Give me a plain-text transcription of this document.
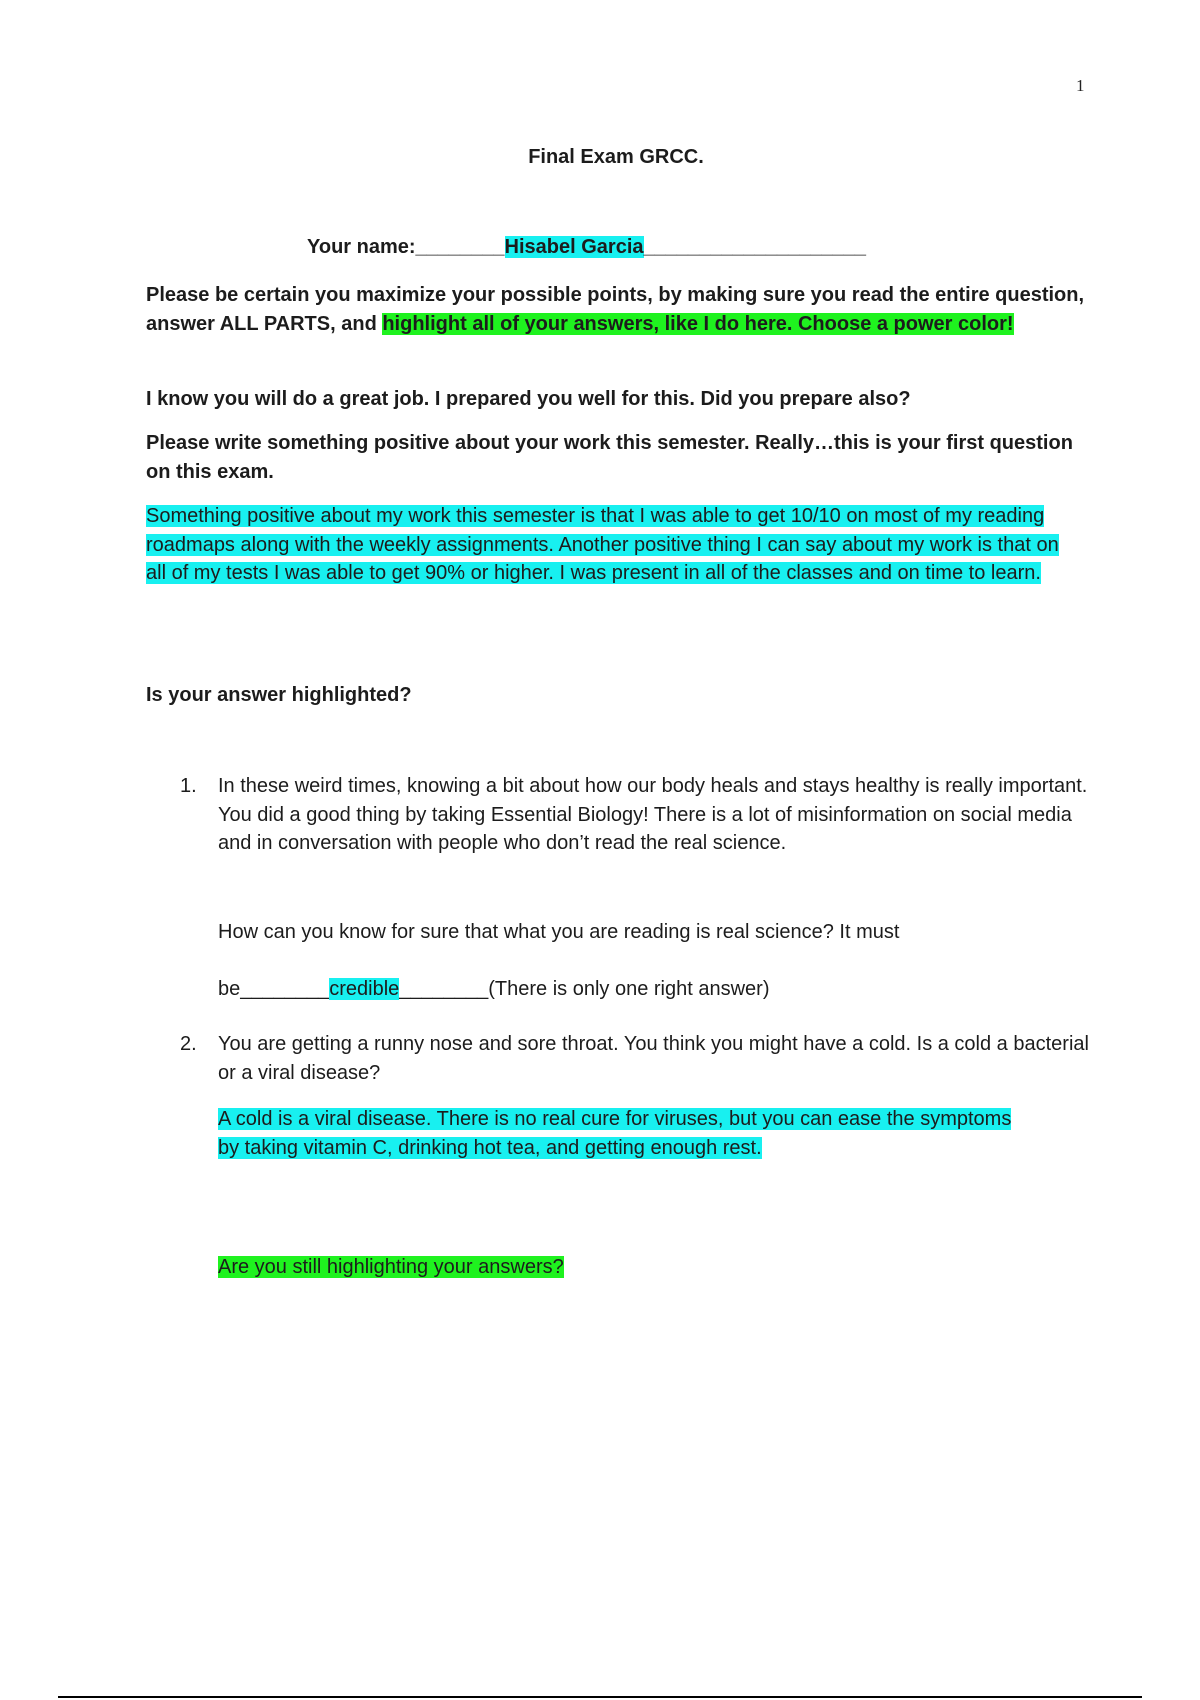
1
Final Exam GRCC.
Your name:________Hisabel Garcia____________________
Please be certain you maximize your possible points, by making sure you read the entire question, answer ALL PARTS, and highlight all of your answers, like I do here. Choose a power color!
I know you will do a great job. I prepared you well for this. Did you prepare also?
Please write something positive about your work this semester. Really…this is your first question on this exam.
Something positive about my work this semester is that I was able to get 10/10 on most of my reading roadmaps along with the weekly assignments. Another positive thing I can say about my work is that on all of my tests I was able to get 90% or higher. I was present in all of the classes and on time to learn.
Is your answer highlighted?
1. In these weird times, knowing a bit about how our body heals and stays healthy is really important. You did a good thing by taking Essential Biology! There is a lot of misinformation on social media and in conversation with people who don’t read the real science.
How can you know for sure that what you are reading is real science? It must
be________credible________(There is only one right answer)
2. You are getting a runny nose and sore throat. You think you might have a cold. Is a cold a bacterial or a viral disease?
A cold is a viral disease. There is no real cure for viruses, but you can ease the symptoms by taking vitamin C, drinking hot tea, and getting enough rest.
Are you still highlighting your answers?
